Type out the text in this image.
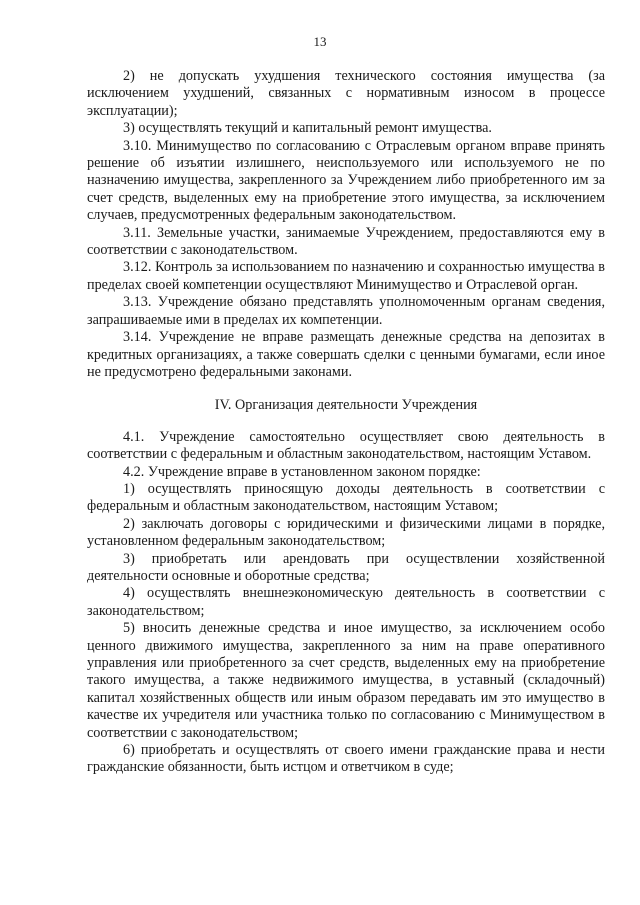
13

2) не допускать ухудшения технического состояния имущества (за исключением ухудшений, связанных с нормативным износом в процессе эксплуатации);

3) осуществлять текущий и капитальный ремонт имущества.

3.10. Минимущество по согласованию с Отраслевым органом вправе принять решение об изъятии излишнего, неиспользуемого или используемого не по назначению имущества, закрепленного за Учреждением либо приобретенного им за счет средств, выделенных ему на приобретение этого имущества, за исключением случаев, предусмотренных федеральным законодательством.

3.11. Земельные участки, занимаемые Учреждением, предоставляются ему в соответствии с законодательством.

3.12. Контроль за использованием по назначению и сохранностью имущества в пределах своей компетенции осуществляют Минимущество и Отраслевой орган.

3.13. Учреждение обязано представлять уполномоченным органам сведения, запрашиваемые ими в пределах их компетенции.

3.14. Учреждение не вправе размещать денежные средства на депозитах в кредитных организациях, а также совершать сделки с ценными бумагами, если иное не предусмотрено федеральными законами.

IV. Организация деятельности Учреждения

4.1. Учреждение самостоятельно осуществляет свою деятельность в соответствии с федеральным и областным законодательством, настоящим Уставом.

4.2. Учреждение вправе в установленном законом порядке:

1) осуществлять приносящую доходы деятельность в соответствии с федеральным и областным законодательством, настоящим Уставом;

2) заключать договоры с юридическими и физическими лицами в порядке, установленном федеральным законодательством;

3) приобретать или арендовать при осуществлении хозяйственной деятельности основные и оборотные средства;

4) осуществлять внешнеэкономическую деятельность в соответствии с законодательством;

5) вносить денежные средства и иное имущество, за исключением особо ценного движимого имущества, закрепленного за ним на праве оперативного управления или приобретенного за счет средств, выделенных ему на приобретение такого имущества, а также недвижимого имущества, в уставный (складочный) капитал хозяйственных обществ или иным образом передавать им это имущество в качестве их учредителя или участника только по согласованию с Минимуществом в соответствии с законодательством;

6) приобретать и осуществлять от своего имени гражданские права и нести гражданские обязанности, быть истцом и ответчиком в суде;
